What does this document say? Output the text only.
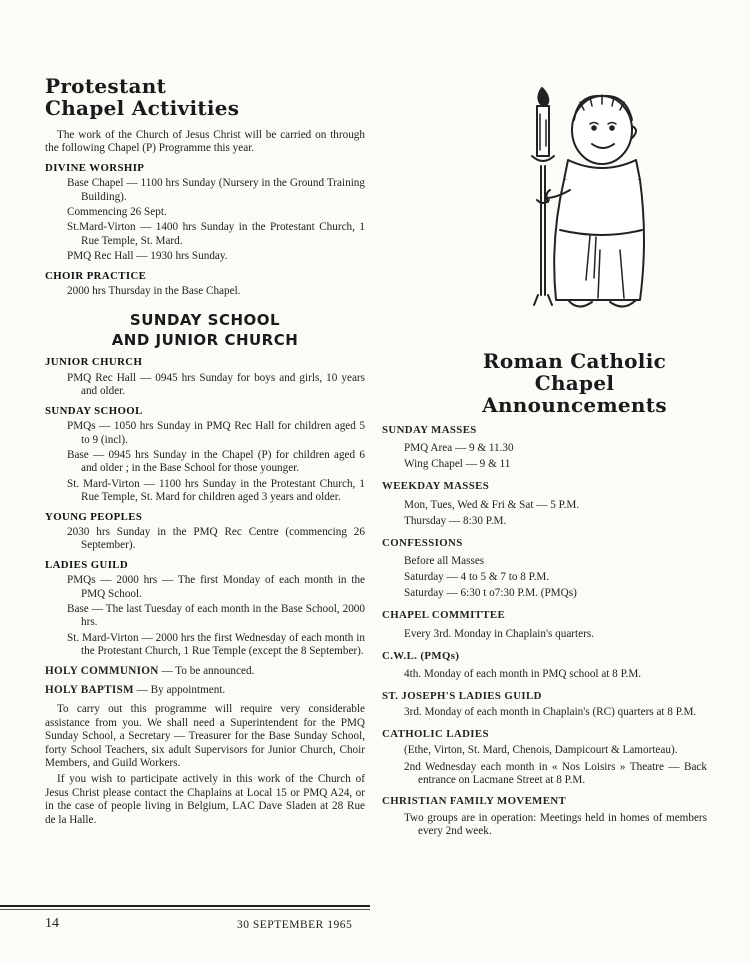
Protestant
Chapel Activities

The work of the Church of Jesus Christ will be carried on through the following Chapel (P) Programme this year.

DIVINE WORSHIP

Base Chapel — 1100 hrs Sunday (Nursery in the Ground Training Building).

Commencing 26 Sept.

St.Mard-Virton — 1400 hrs Sunday in the Protestant Church, 1 Rue Temple, St. Mard.

PMQ Rec Hall — 1930 hrs Sunday.

CHOIR PRACTICE

2000 hrs Thursday in the Base Chapel.

SUNDAY SCHOOL
AND JUNIOR CHURCH
JUNIOR CHURCH

PMQ Rec Hall — 0945 hrs Sunday for boys and girls, 10 years and older.

SUNDAY SCHOOL

PMQs — 1050 hrs Sunday in PMQ Rec Hall for children aged 5 to 9 (incl).

Base — 0945 hrs Sunday in the Chapel (P) for children aged 6 and older ; in the Base School for those younger.

St. Mard-Virton — 1100 hrs Sunday in the Protestant Church, 1 Rue Temple, St. Mard for children aged 3 years and older.

YOUNG PEOPLES

2030 hrs Sunday in the PMQ Rec Centre (commencing 26 September).

LADIES GUILD

PMQs — 2000 hrs — The first Monday of each month in the PMQ School.

Base — The last Tuesday of each month in the Base School, 2000 hrs.

St. Mard-Virton — 2000 hrs the first Wednesday of each month in the Protestant Church, 1 Rue Temple (except the 8 September).

HOLY COMMUNION — To be announced.

HOLY BAPTISM — By appointment.

To carry out this programme will require very considerable assistance from you. We shall need a Superintendent for the PMQ Sunday School, a Secretary — Treasurer for the Base Sunday School, forty School Teachers, six adult Supervisors for Junior Church, Choir Members, and Guild Workers.

If you wish to participate actively in this work of the Church of Jesus Christ please contact the Chaplains at Local 15 or PMQ A24, or in the case of people living in Belgium, LAC Dave Sladen at 28 Rue de la Halle.

Roman Catholic Chapel
Announcements
SUNDAY MASSES

PMQ Area — 9 & 11.30

Wing Chapel — 9 & 11

WEEKDAY MASSES

Mon, Tues, Wed & Fri & Sat — 5 P.M.

Thursday — 8:30 P.M.

CONFESSIONS

Before all Masses

Saturday — 4 to 5 & 7 to 8 P.M.

Saturday — 6:30 t o7:30 P.M. (PMQs)

CHAPEL COMMITTEE

Every 3rd. Monday in Chaplain's quarters.

C.W.L. (PMQs)

4th. Monday of each month in PMQ school at 8 P.M.

ST. JOSEPH'S LADIES GUILD

3rd. Monday of each month in Chaplain's (RC) quarters at 8 P.M.

CATHOLIC LADIES

(Ethe, Virton, St. Mard, Chenois, Dampicourt & Lamorteau).

2nd Wednesday each month in « Nos Loisirs » Theatre — Back entrance on Lacmane Street at 8 P.M.

CHRISTIAN FAMILY MOVEMENT

Two groups are in operation: Meetings held in homes of members every 2nd week.

14	30 SEPTEMBER 1965
